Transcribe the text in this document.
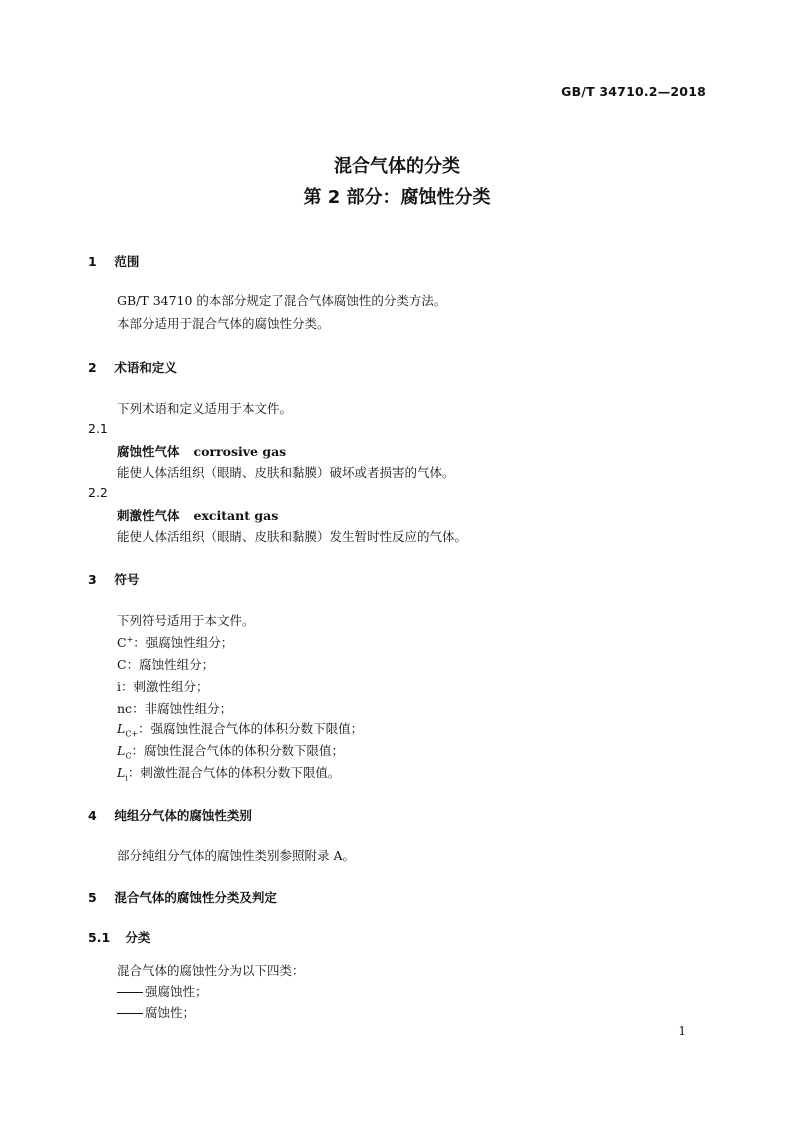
GB/T 34710.2—2018
混合气体的分类
第 2 部分：腐蚀性分类
1 范围
GB/T 34710 的本部分规定了混合气体腐蚀性的分类方法。
本部分适用于混合气体的腐蚀性分类。
2 术语和定义
下列术语和定义适用于本文件。
2.1
腐蚀性气体 corrosive gas
能使人体活组织（眼睛、皮肤和黏膜）破坏或者损害的气体。
2.2
刺激性气体 excitant gas
能使人体活组织（眼睛、皮肤和黏膜）发生暂时性反应的气体。
3 符号
下列符号适用于本文件。
C+：强腐蚀性组分；
C：腐蚀性组分；
i：刺激性组分；
nc：非腐蚀性组分；
$L_{C+}$：强腐蚀性混合气体的体积分数下限值；
$L_C$：腐蚀性混合气体的体积分数下限值；
$L_i$：刺激性混合气体的体积分数下限值。
4 纯组分气体的腐蚀性类别
部分纯组分气体的腐蚀性类别参照附录 A。
5 混合气体的腐蚀性分类及判定
5.1 分类
混合气体的腐蚀性分为以下四类：
强腐蚀性；
腐蚀性；
1
